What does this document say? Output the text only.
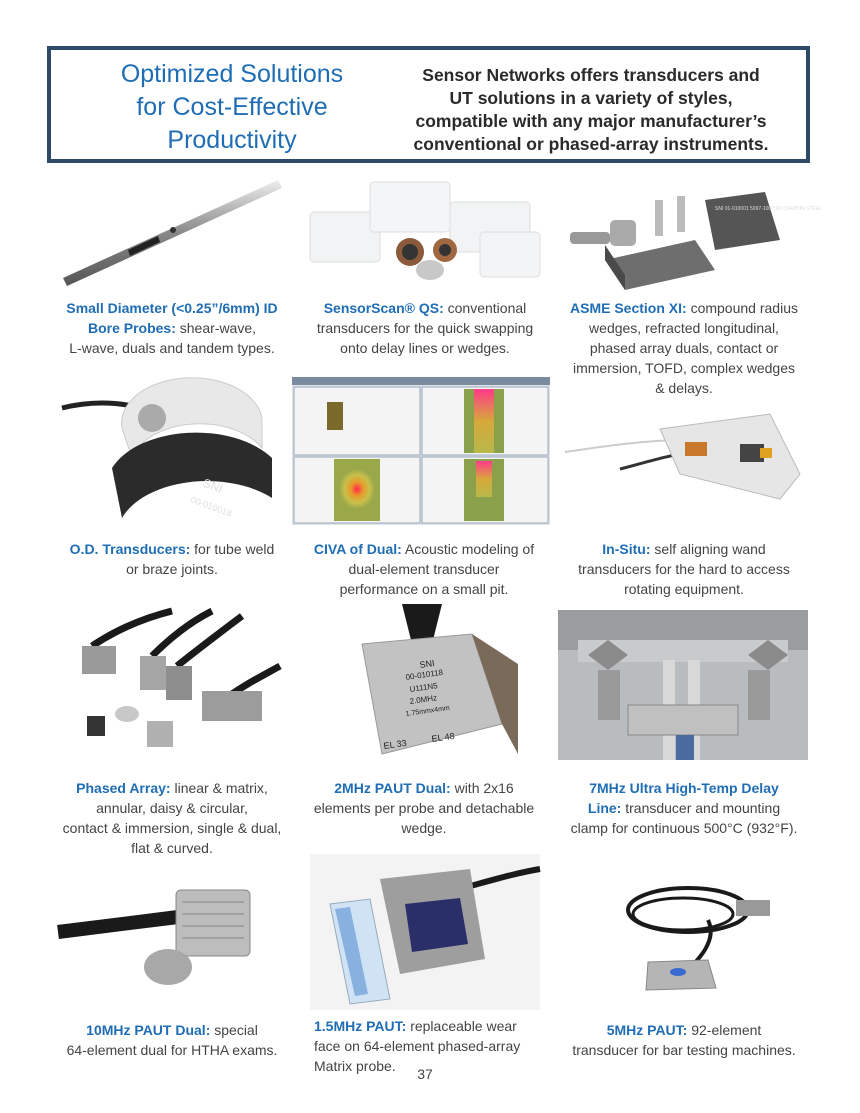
Optimized Solutions
for Cost-Effective
Productivity
Sensor Networks offers transducers and
UT solutions in a variety of styles,
compatible with any major manufacturer’s
conventional or phased-array instruments.
Small Diameter (<0.25”/6mm) ID
Bore Probes: shear-wave,
L-wave, duals and tandem types.
SensorScan® QS: conventional
transducers for the quick swapping
onto delay lines or wedges.
SNI 01-010001 5097-100/TR3 CARBON STEEL
ASME Section XI: compound radius
wedges, refracted longitudinal,
phased array duals, contact or
immersion, TOFD, complex wedges
& delays.
SNI
00-010018
O.D. Transducers: for tube weld
or braze joints.
CIVA of Dual: Acoustic modeling of
dual-element transducer
performance on a small pit.
In-Situ: self aligning wand
transducers for the hard to access
rotating equipment.
Phased Array: linear & matrix,
annular, daisy & circular,
contact & immersion, single & dual,
flat & curved.
SNI
00-010118
U111N5
2.0MHz
1.75mmx4mm
EL 33
EL 48
2MHz PAUT Dual: with 2x16
elements per probe and detachable
wedge.
7MHz Ultra High-Temp Delay
Line: transducer and mounting
clamp for continuous 500°C (932°F).
10MHz PAUT Dual: special
64-element dual for HTHA exams.
1.5MHz PAUT: replaceable wear
face on 64-element phased-array
Matrix probe.
5MHz PAUT: 92-element
transducer for bar testing machines.
37
